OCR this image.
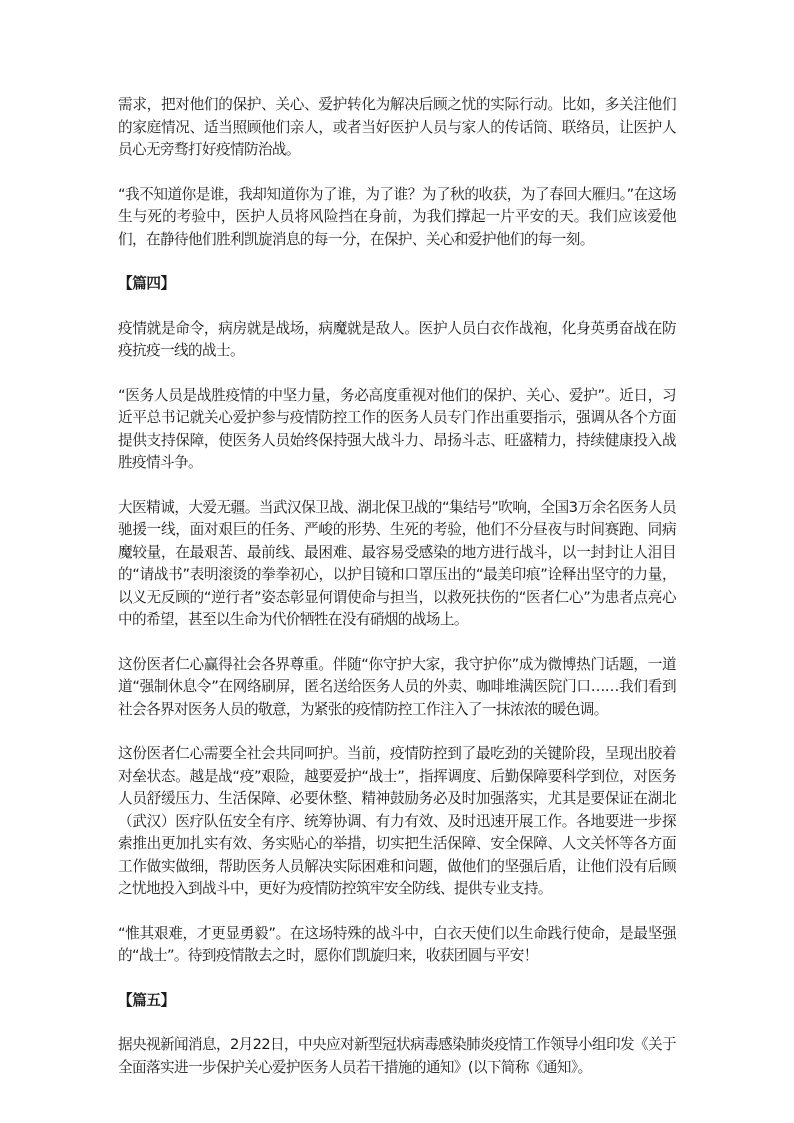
需求，把对他们的保护、关心、爱护转化为解决后顾之忧的实际行动。比如，多关注他们的家庭情况、适当照顾他们亲人，或者当好医护人员与家人的传话筒、联络员，让医护人员心无旁骛打好疫情防治战。

“我不知道你是谁，我却知道你为了谁，为了谁？为了秋的收获，为了春回大雁归。”在这场生与死的考验中，医护人员将风险挡在身前，为我们撑起一片平安的天。我们应该爱他们，在静待他们胜利凯旋消息的每一分，在保护、关心和爱护他们的每一刻。

【篇四】

疫情就是命令，病房就是战场，病魔就是敌人。医护人员白衣作战袍，化身英勇奋战在防疫抗疫一线的战士。

“医务人员是战胜疫情的中坚力量，务必高度重视对他们的保护、关心、爱护”。近日，习近平总书记就关心爱护参与疫情防控工作的医务人员专门作出重要指示，强调从各个方面提供支持保障，使医务人员始终保持强大战斗力、昂扬斗志、旺盛精力，持续健康投入战胜疫情斗争。

大医精诚，大爱无疆。当武汉保卫战、湖北保卫战的“集结号”吹响，全国3万余名医务人员驰援一线，面对艰巨的任务、严峻的形势、生死的考验，他们不分昼夜与时间赛跑、同病魔较量，在最艰苦、最前线、最困难、最容易受感染的地方进行战斗，以一封封让人泪目的“请战书”表明滚烫的拳拳初心，以护目镜和口罩压出的“最美印痕”诠释出坚守的力量，以义无反顾的“逆行者”姿态彰显何谓使命与担当，以救死扶伤的“医者仁心”为患者点亮心中的希望，甚至以生命为代价牺牲在没有硝烟的战场上。

这份医者仁心赢得社会各界尊重。伴随“你守护大家，我守护你”成为微博热门话题，一道道“强制休息令”在网络刷屏，匿名送给医务人员的外卖、咖啡堆满医院门口……我们看到社会各界对医务人员的敬意，为紧张的疫情防控工作注入了一抹浓浓的暖色调。

这份医者仁心需要全社会共同呵护。当前，疫情防控到了最吃劲的关键阶段，呈现出胶着对垒状态。越是战“疫”艰险，越要爱护“战士”，指挥调度、后勤保障要科学到位，对医务人员舒缓压力、生活保障、必要休整、精神鼓励务必及时加强落实，尤其是要保证在湖北（武汉）医疗队伍安全有序、统筹协调、有力有效、及时迅速开展工作。各地要进一步探索推出更加扎实有效、务实贴心的举措，切实把生活保障、安全保障、人文关怀等各方面工作做实做细，帮助医务人员解决实际困难和问题，做他们的坚强后盾，让他们没有后顾之忧地投入到战斗中，更好为疫情防控筑牢安全防线、提供专业支持。

“惟其艰难，才更显勇毅”。在这场特殊的战斗中，白衣天使们以生命践行使命，是最坚强的“战士”。待到疫情散去之时，愿你们凯旋归来，收获团圆与平安！

【篇五】

据央视新闻消息，2月22日，中央应对新型冠状病毒感染肺炎疫情工作领导小组印发《关于全面落实进一步保护关心爱护医务人员若干措施的通知》(以下简称《通知》。
